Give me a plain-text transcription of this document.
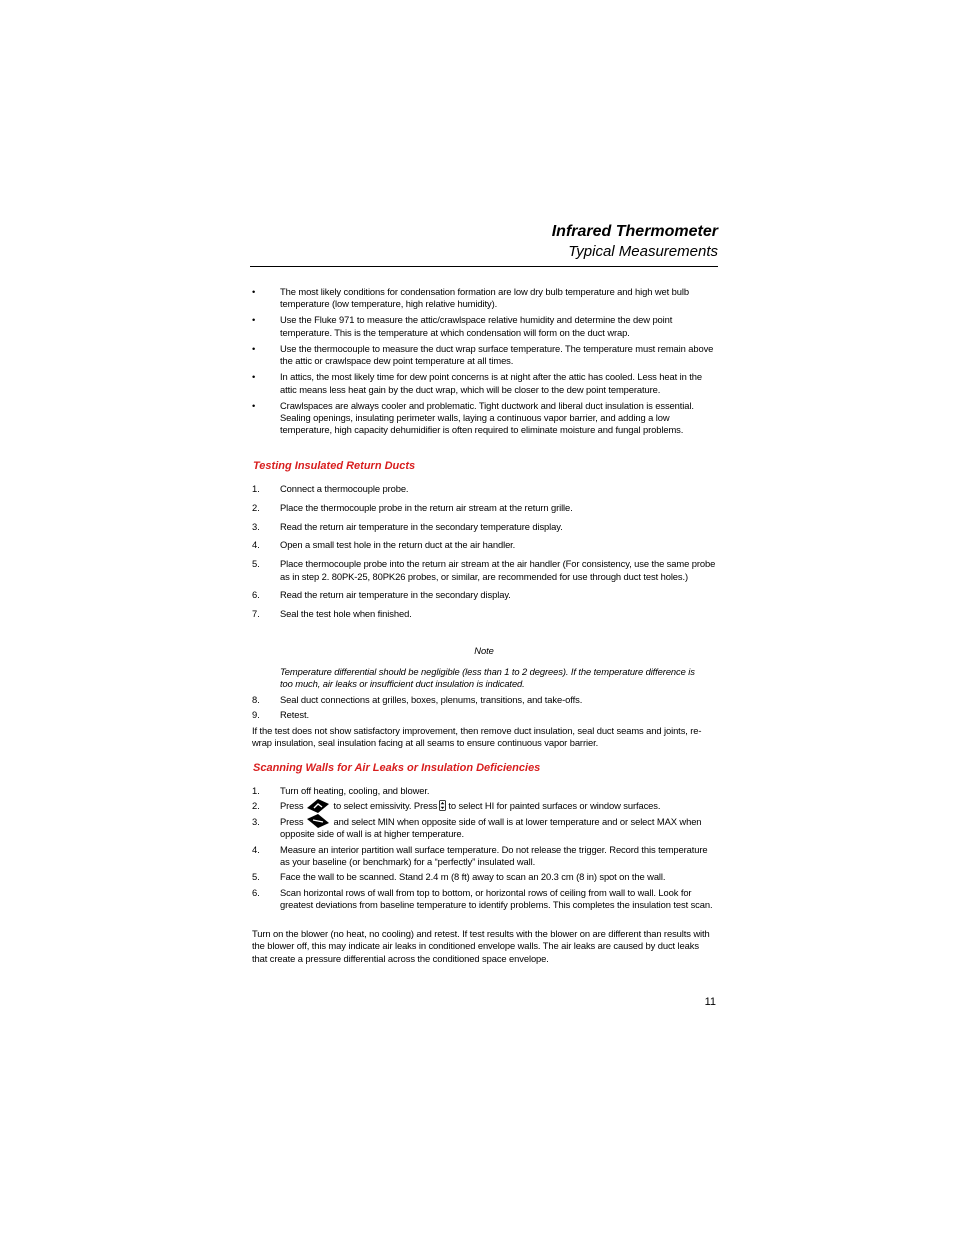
Infrared Thermometer
Typical Measurements
•	The most likely conditions for condensation formation are low dry bulb temperature and high wet bulb temperature (low temperature, high relative humidity).
•	Use the Fluke 971 to measure the attic/crawlspace relative humidity and determine the dew point temperature. This is the temperature at which condensation will form on the duct wrap.
•	Use the thermocouple to measure the duct wrap surface temperature. The temperature must remain above the attic or crawlspace dew point temperature at all times.
•	In attics, the most likely time for dew point concerns is at night after the attic has cooled. Less heat in the attic means less heat gain by the duct wrap, which will be closer to the dew point temperature.
•	Crawlspaces are always cooler and problematic. Tight ductwork and liberal duct insulation is essential. Sealing openings, insulating perimeter walls, laying a continuous vapor barrier, and adding a low temperature, high capacity dehumidifier is often required to eliminate moisture and fungal problems.
Testing Insulated Return Ducts
1. Connect a thermocouple probe.
2. Place the thermocouple probe in the return air stream at the return grille.
3. Read the return air temperature in the secondary temperature display.
4. Open a small test hole in the return duct at the air handler.
5. Place thermocouple probe into the return air stream at the air handler (For consistency, use the same probe as in step 2. 80PK-25, 80PK26 probes, or similar, are recommended for use through duct test holes.)
6. Read the return air temperature in the secondary display.
7. Seal the test hole when finished.
Note
Temperature differential should be negligible (less than 1 to 2 degrees). If the temperature difference is too much, air leaks or insufficient duct insulation is indicated.
8. Seal duct connections at grilles, boxes, plenums, transitions, and take-offs.
9. Retest.
If the test does not show satisfactory improvement, then remove duct insulation, seal duct seams and joints, re-wrap insulation, seal insulation facing at all seams to ensure continuous vapor barrier.
Scanning Walls for Air Leaks or Insulation Deficiencies
1. Turn off heating, cooling, and blower.
2. Press	to select emissivity. Press to select HI for painted surfaces or window surfaces.
3. Press	and select MIN when opposite side of wall is at lower temperature and or select MAX when opposite side of wall is at higher temperature.
4. Measure an interior partition wall surface temperature. Do not release the trigger. Record this temperature as your baseline (or benchmark) for a “perfectly” insulated wall.
5. Face the wall to be scanned. Stand 2.4 m (8 ft) away to scan an 20.3 cm (8 in) spot on the wall.
6. Scan horizontal rows of wall from top to bottom, or horizontal rows of ceiling from wall to wall. Look for greatest deviations from baseline temperature to identify problems. This completes the insulation test scan.
Turn on the blower (no heat, no cooling) and retest. If test results with the blower on are different than results with the blower off, this may indicate air leaks in conditioned envelope walls. The air leaks are caused by duct leaks that create a pressure differential across the conditioned space envelope.
11
